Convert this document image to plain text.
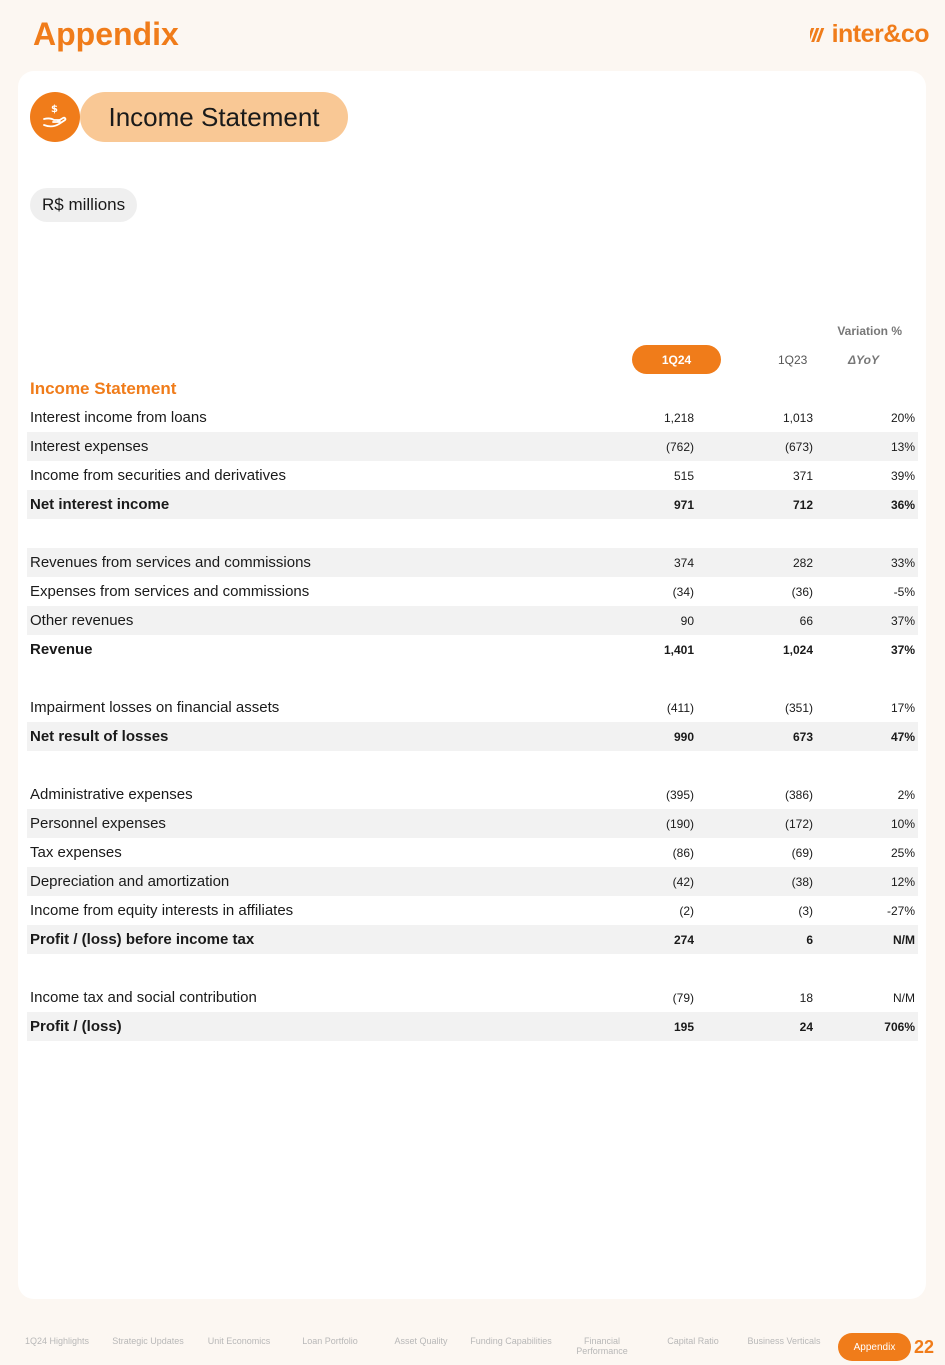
Appendix	inter&co
$	Income Statement
R$ millions
Variation %
1Q24	1Q23	ΔYoY
Income Statement
Interest income from loans	1,218	1,013	20%
Interest expenses	(762)	(673)	13%
Income from securities and derivatives	515	371	39%
Net interest income	971	712	36%
Revenues from services and commissions	374	282	33%
Expenses from services and commissions	(34)	(36)	-5%
Other revenues	90	66	37%
Revenue	1,401	1,024	37%
Impairment losses on financial assets	(411)	(351)	17%
Net result of losses	990	673	47%
Administrative expenses	(395)	(386)	2%
Personnel expenses	(190)	(172)	10%
Tax expenses	(86)	(69)	25%
Depreciation and amortization	(42)	(38)	12%
Income from equity interests in affiliates	(2)	(3)	-27%
Profit / (loss) before income tax	274	6	N/M
Income tax and social contribution	(79)	18	N/M
Profit / (loss)	195	24	706%
1Q24 Highlights	Strategic Updates	Unit Economics	Loan Portfolio	Asset Quality	Funding Capabilities	Financial Performance
Capital Ratio	Business Verticals
Appendix	22
